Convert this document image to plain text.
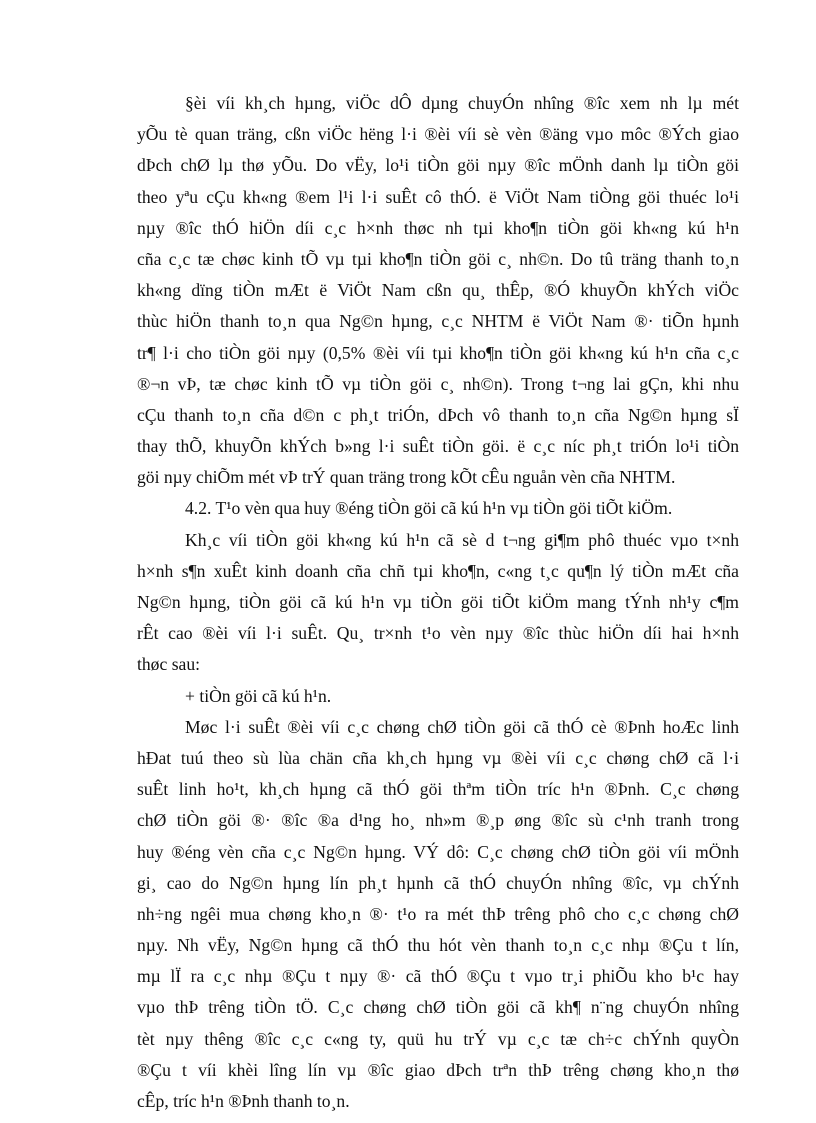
§èi víi kh¸ch hµng, viÖc dÔ dµng chuyÓn nhîng ®îc xem nh lµ mét
yÕu tè quan träng, cßn viÖc hëng l·i ®èi víi sè vèn ®äng vµo môc ®Ých giao
dÞch chØ lµ thø yÕu. Do vËy, lo¹i tiÒn göi nµy ®îc mÖnh danh lµ tiÒn göi
theo yªu cÇu kh«ng ®em l¹i l·i suÊt cô thÓ. ë ViÖt Nam tiÒng göi thuéc lo¹i
nµy ®îc thÓ hiÖn díi c¸c h×nh thøc nh tµi kho¶n tiÒn göi kh«ng kú h¹n
cña c¸c tæ chøc kinh tÕ vµ tµi kho¶n tiÒn göi c¸ nh©n. Do tû träng thanh to¸n
kh«ng dïng tiÒn mÆt ë ViÖt Nam cßn qu¸ thÊp, ®Ó khuyÕn khÝch viÖc
thùc hiÖn thanh to¸n qua Ng©n hµng, c¸c NHTM ë ViÖt Nam ®· tiÕn hµnh
tr¶ l·i cho tiÒn göi nµy (0,5% ®èi víi tµi kho¶n tiÒn göi kh«ng kú h¹n cña c¸c
®¬n vÞ, tæ chøc kinh tÕ vµ tiÒn göi c¸ nh©n). Trong t¬ng lai gÇn, khi nhu
cÇu thanh to¸n cña d©n c ph¸t triÓn, dÞch vô thanh to¸n cña Ng©n hµng sÏ
thay thÕ, khuyÕn khÝch b»ng l·i suÊt tiÒn göi. ë c¸c níc ph¸t triÓn lo¹i tiÒn
göi nµy chiÕm mét vÞ trÝ quan träng trong kÕt cÊu nguån vèn cña NHTM.
4.2. T¹o vèn qua huy ®éng tiÒn göi cã kú h¹n vµ tiÒn göi tiÕt kiÖm.
Kh¸c víi tiÒn göi kh«ng kú h¹n cã sè d t¬ng gi¶m phô thuéc vµo t×nh
h×nh s¶n xuÊt kinh doanh cña chñ tµi kho¶n, c«ng t¸c qu¶n lý tiÒn mÆt cña
Ng©n hµng, tiÒn göi cã kú h¹n vµ tiÒn göi tiÕt kiÖm mang tÝnh nh¹y c¶m
rÊt cao ®èi víi l·i suÊt. Qu¸ tr×nh t¹o vèn nµy ®îc thùc hiÖn díi hai h×nh
thøc sau:
+ tiÒn göi cã kú h¹n.
Møc l·i suÊt ®èi víi c¸c chøng chØ tiÒn göi cã thÓ cè ®Þnh hoÆc linh
hÐat tuú theo sù lùa chän cña kh¸ch hµng vµ ®èi víi c¸c chøng chØ cã l·i
suÊt linh ho¹t, kh¸ch hµng cã thÓ göi thªm tiÒn tríc h¹n ®Þnh. C¸c chøng
chØ tiÒn göi ®· ®îc ®a d¹ng ho¸ nh»m ®¸p øng ®îc sù c¹nh tranh trong
huy ®éng vèn cña c¸c Ng©n hµng. VÝ dô: C¸c chøng chØ tiÒn göi víi mÖnh
gi¸ cao do Ng©n hµng lín ph¸t hµnh cã thÓ chuyÓn nhîng ®îc, vµ chÝnh
nh÷ng ngêi mua chøng kho¸n ®· t¹o ra mét thÞ trêng phô cho c¸c chøng chØ
nµy. Nh vËy, Ng©n hµng cã thÓ thu hót vèn thanh to¸n c¸c nhµ ®Çu t lín,
mµ lÏ ra c¸c nhµ ®Çu t nµy ®· cã thÓ ®Çu t vµo tr¸i phiÕu kho b¹c hay
vµo thÞ trêng tiÒn tÖ. C¸c chøng chØ tiÒn göi cã kh¶ n¨ng chuyÓn nhîng
tèt nµy thêng ®îc c¸c c«ng ty, quü hu trÝ vµ c¸c tæ ch÷c chÝnh quyÒn
®Çu t víi khèi lîng lín vµ ®îc giao dÞch trªn thÞ trêng chøng kho¸n thø
cÊp, tríc h¹n ®Þnh thanh to¸n.
